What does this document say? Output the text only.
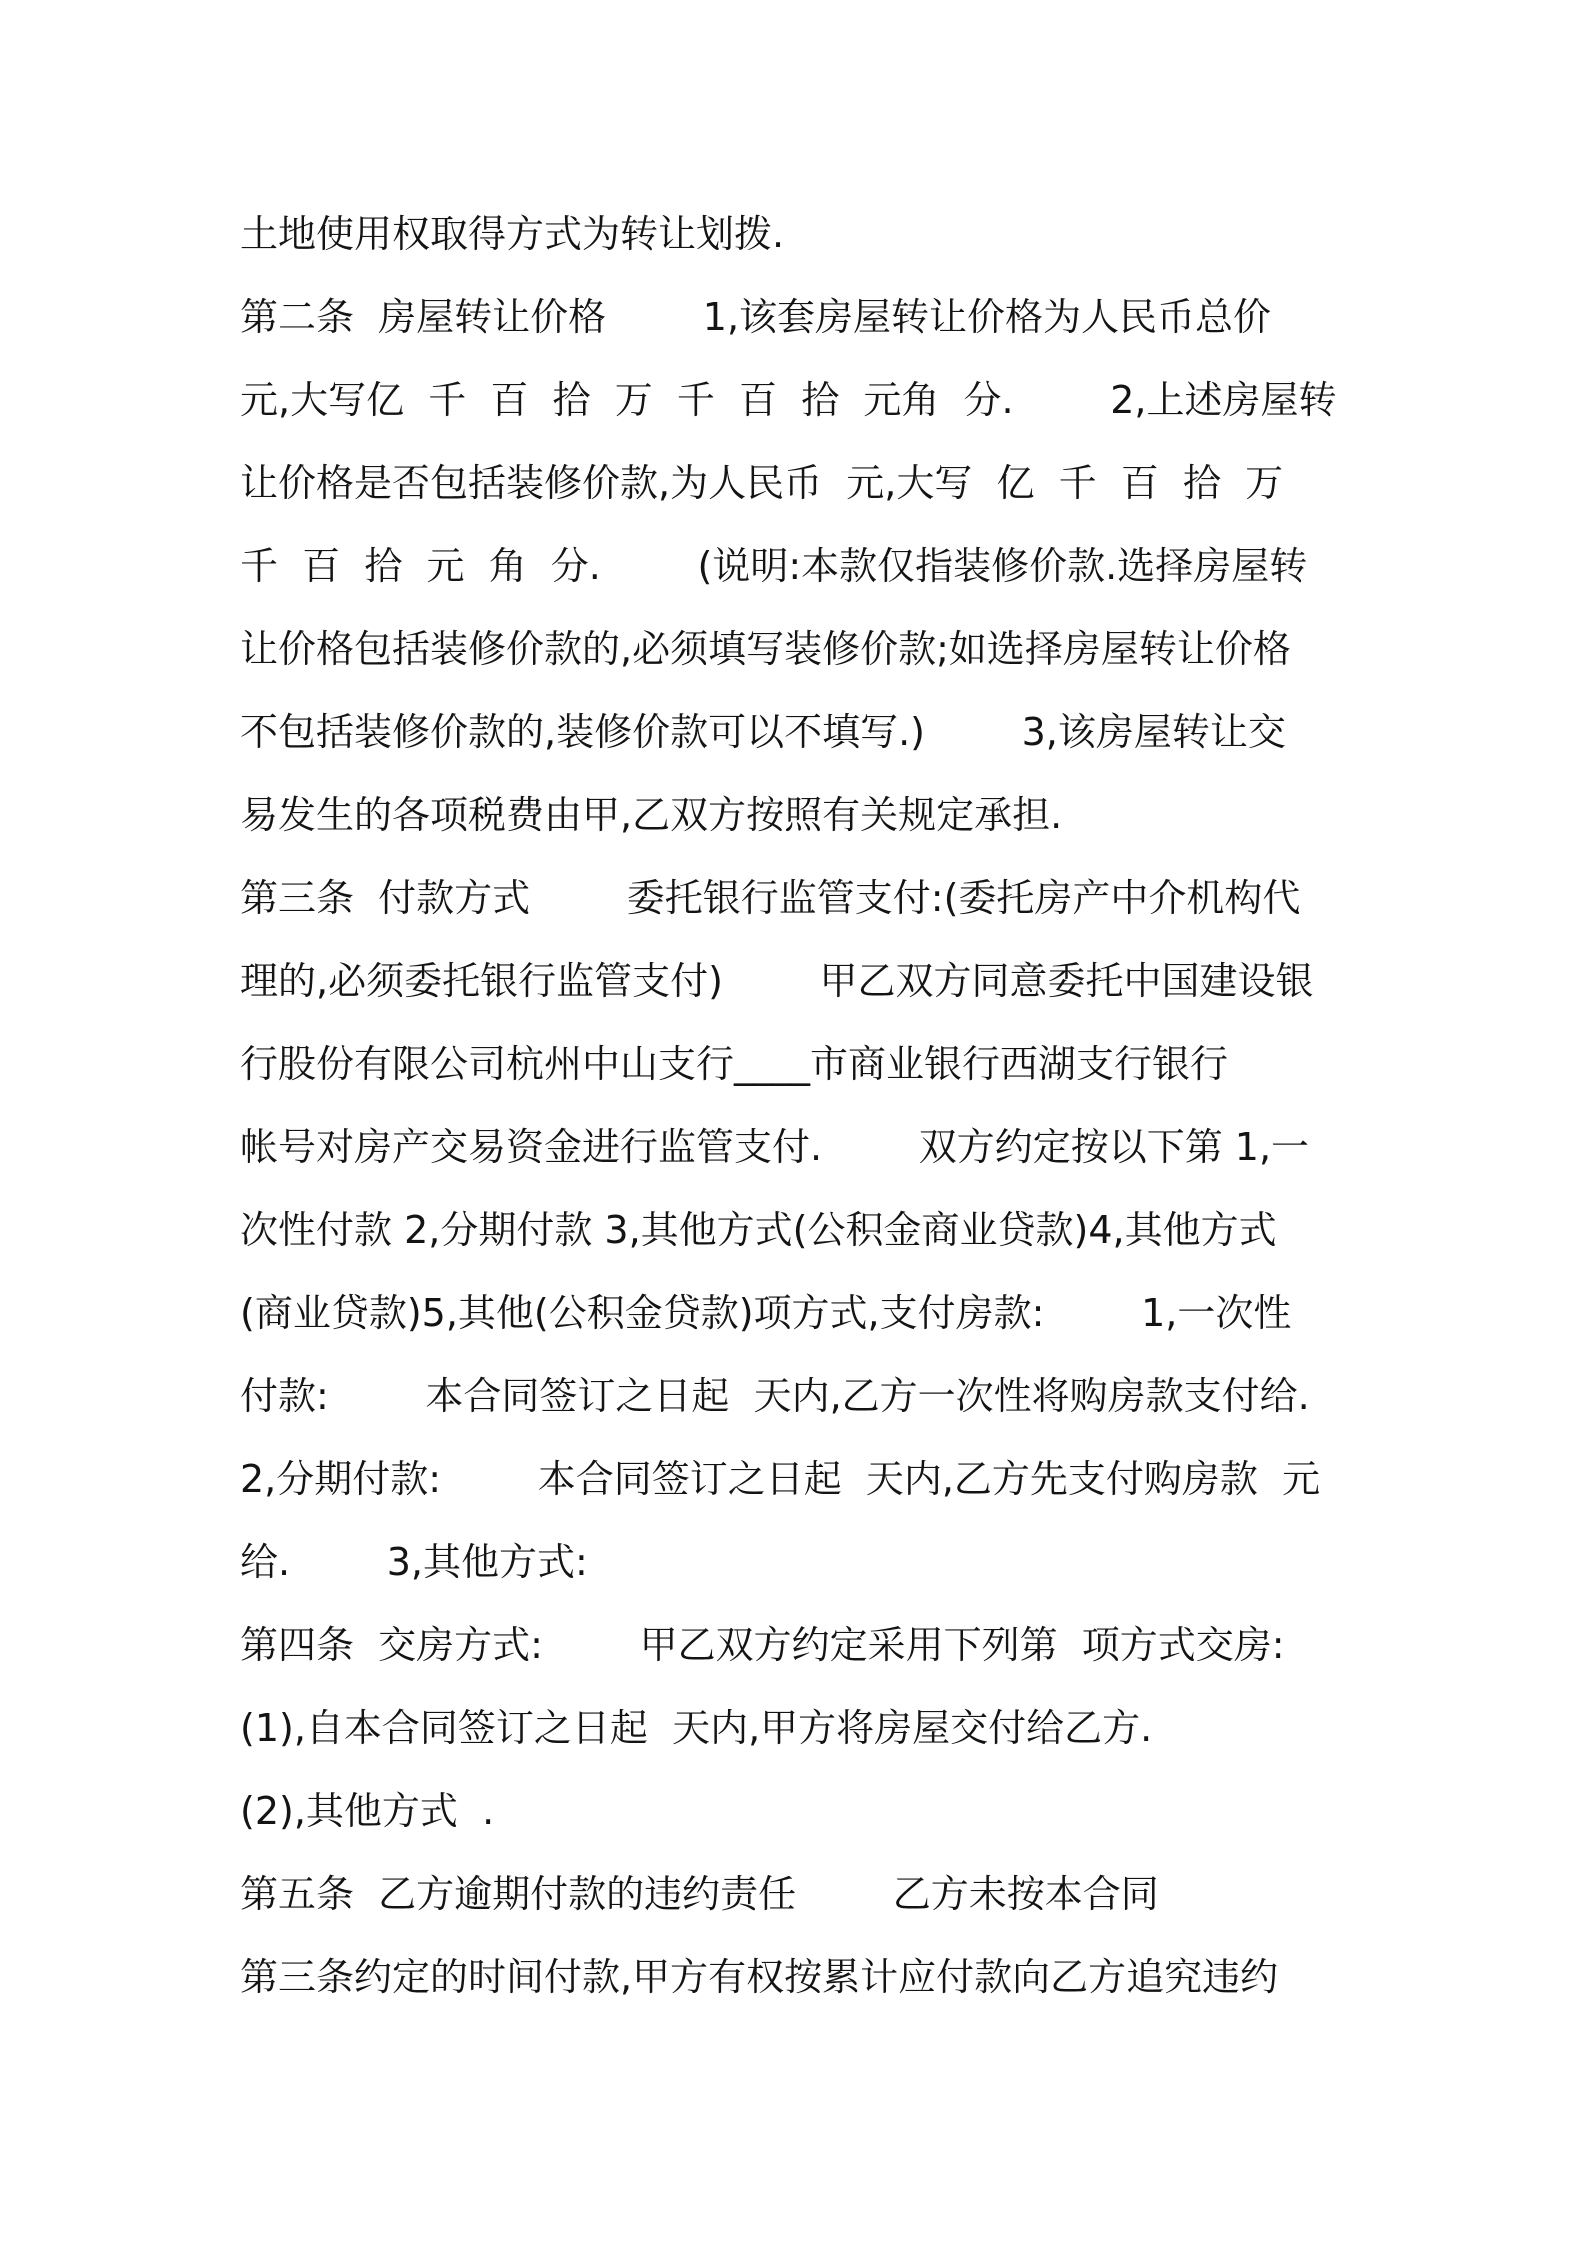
土地使用权取得方式为转让划拨.
第二条  房屋转让价格        1,该套房屋转让价格为人民币总价
元,大写亿  千  百  拾  万  千  百  拾  元角  分.        2,上述房屋转
让价格是否包括装修价款,为人民币  元,大写  亿  千  百  拾  万
千  百  拾  元  角  分.        (说明:本款仅指装修价款.选择房屋转
让价格包括装修价款的,必须填写装修价款;如选择房屋转让价格
不包括装修价款的,装修价款可以不填写.)        3,该房屋转让交
易发生的各项税费由甲,乙双方按照有关规定承担.
第三条  付款方式        委托银行监管支付:(委托房产中介机构代
理的,必须委托银行监管支付)        甲乙双方同意委托中国建设银
行股份有限公司杭州中山支行____市商业银行西湖支行银行
帐号对房产交易资金进行监管支付.        双方约定按以下第 1,一
次性付款 2,分期付款 3,其他方式(公积金商业贷款)4,其他方式
(商业贷款)5,其他(公积金贷款)项方式,支付房款:        1,一次性
付款:        本合同签订之日起  天内,乙方一次性将购房款支付给.
2,分期付款:        本合同签订之日起  天内,乙方先支付购房款  元
给.        3,其他方式:
第四条  交房方式:        甲乙双方约定采用下列第  项方式交房:
(1),自本合同签订之日起  天内,甲方将房屋交付给乙方.
(2),其他方式  .
第五条  乙方逾期付款的违约责任        乙方未按本合同
第三条约定的时间付款,甲方有权按累计应付款向乙方追究违约
